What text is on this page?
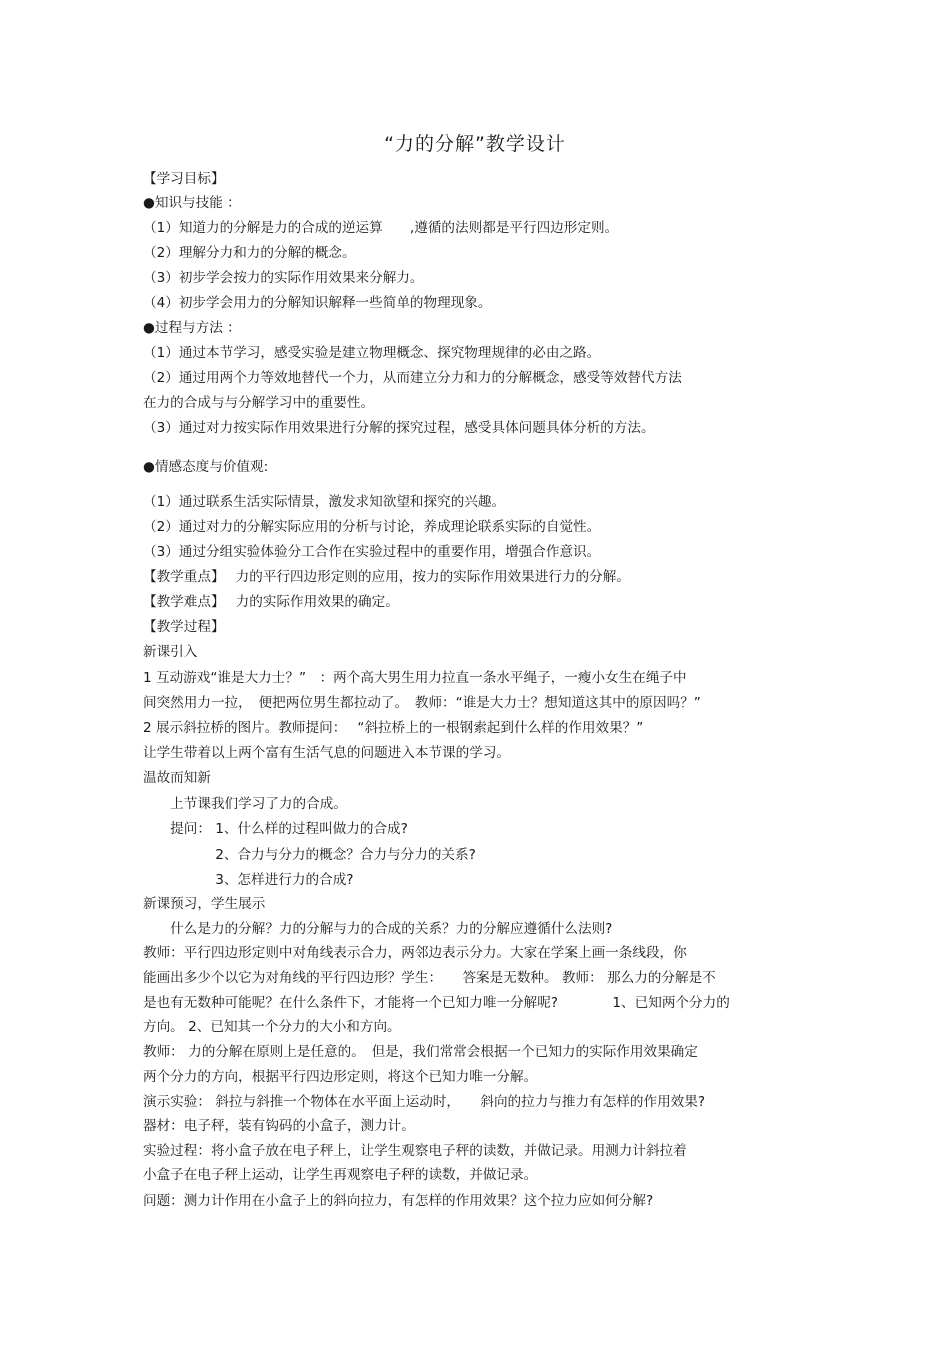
“力的分解”教学设计
【学习目标】
●知识与技能 ：
（1）知道力的分解是力的合成的逆运算　　,遵循的法则都是平行四边形定则。
（2）理解分力和力的分解的概念。
（3）初步学会按力的实际作用效果来分解力。
（4）初步学会用力的分解知识解释一些简单的物理现象。
●过程与方法 ：
（1）通过本节学习，感受实验是建立物理概念、探究物理规律的必由之路。
（2）通过用两个力等效地替代一个力，从而建立分力和力的分解概念，感受等效替代方法
在力的合成与与分解学习中的重要性。
（3）通过对力按实际作用效果进行分解的探究过程，感受具体问题具体分析的方法。
●情感态度与价值观:
（1）通过联系生活实际情景，激发求知欲望和探究的兴趣。
（2）通过对力的分解实际应用的分析与讨论，养成理论联系实际的自觉性。
（3）通过分组实验体验分工合作在实验过程中的重要作用，增强合作意识。
【教学重点】　 力的平行四边形定则的应用，按力的实际作用效果进行力的分解。
【教学难点】　 力的实际作用效果的确定。
【教学过程】
新课引入
1 互动游戏“谁是大力士？”　：两个高大男生用力拉直一条水平绳子，一瘦小女生在绳子中
间突然用力一拉，　便把两位男生都拉动了。　教师：“谁是大力士？想知道这其中的原因吗？”
2 展示斜拉桥的图片。教师提问：　 “斜拉桥上的一根钢索起到什么样的作用效果？”
让学生带着以上两个富有生活气息的问题进入本节课的学习。
温故而知新
　　上节课我们学习了力的合成。
　　提问： 1、什么样的过程叫做力的合成?
　　　　　 2、合力与分力的概念？合力与分力的关系?
　　　　　 3、怎样进行力的合成?
新课预习，学生展示
　　什么是力的分解？力的分解与力的合成的关系？力的分解应遵循什么法则?
教师：平行四边形定则中对角线表示合力，两邻边表示分力。大家在学案上画一条线段，你
能画出多少个以它为对角线的平行四边形？学生：　　答案是无数种。 教师： 那么力的分解是不
是也有无数种可能呢？在什么条件下，才能将一个已知力唯一分解呢?　　　　1、已知两个分力的
方向。 2、已知其一个分力的大小和方向。
教师： 力的分解在原则上是任意的。　但是，我们常常会根据一个已知力的实际作用效果确定
两个分力的方向，根据平行四边形定则，将这个已知力唯一分解。
演示实验： 斜拉与斜推一个物体在水平面上运动时，　　斜向的拉力与推力有怎样的作用效果?
器材：电子秤，装有钩码的小盒子，测力计。
实验过程：将小盒子放在电子秤上，让学生观察电子秤的读数，并做记录。用测力计斜拉着
小盒子在电子秤上运动，让学生再观察电子秤的读数，并做记录。
问题：测力计作用在小盒子上的斜向拉力，有怎样的作用效果？这个拉力应如何分解?
